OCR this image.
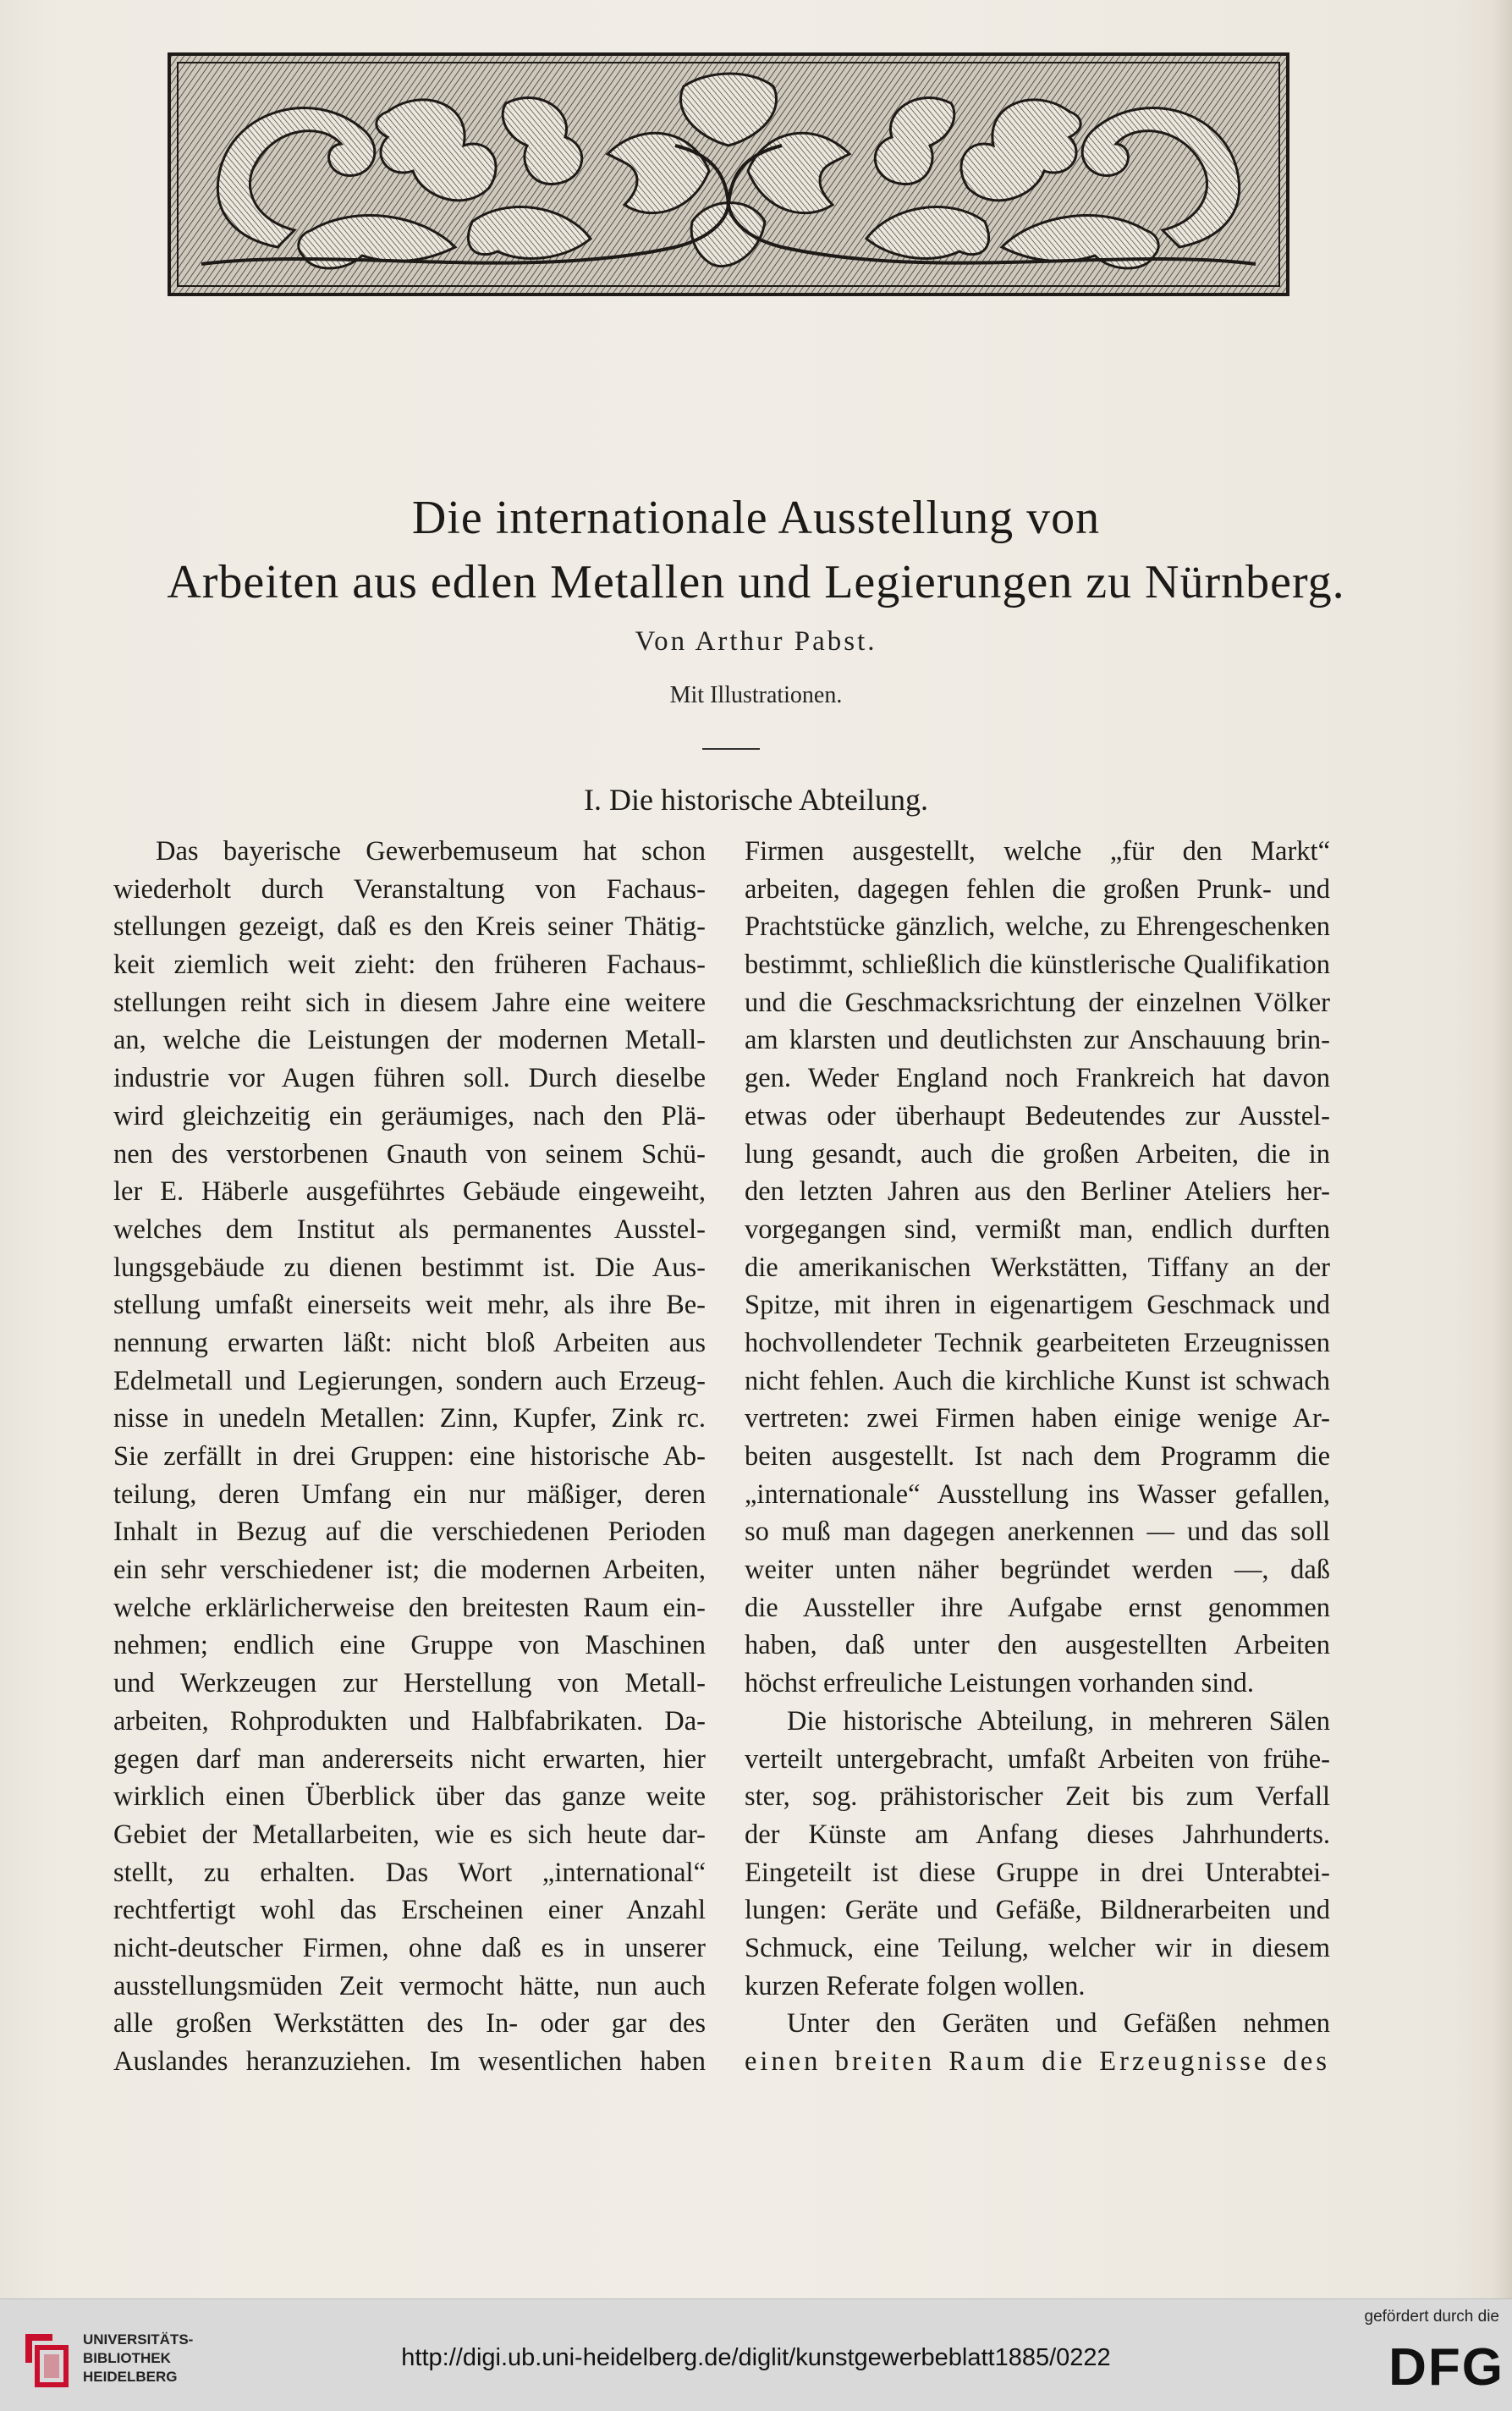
Die internationale Ausstellung von
Arbeiten aus edlen Metallen und Legierungen zu Nürnberg.
Von Arthur Pabst.
Mit Illustrationen.
I. Die historische Abteilung.
Das bayerische Gewerbemuseum hat schon
wiederholt durch Veranstaltung von Fachaus-
stellungen gezeigt, daß es den Kreis seiner Thätig-
keit ziemlich weit zieht: den früheren Fachaus-
stellungen reiht sich in diesem Jahre eine weitere
an, welche die Leistungen der modernen Metall-
industrie vor Augen führen soll. Durch dieselbe
wird gleichzeitig ein geräumiges, nach den Plä-
nen des verstorbenen Gnauth von seinem Schü-
ler E. Häberle ausgeführtes Gebäude eingeweiht,
welches dem Institut als permanentes Ausstel-
lungsgebäude zu dienen bestimmt ist. Die Aus-
stellung umfaßt einerseits weit mehr, als ihre Be-
nennung erwarten läßt: nicht bloß Arbeiten aus
Edelmetall und Legierungen, sondern auch Erzeug-
nisse in unedeln Metallen: Zinn, Kupfer, Zink rc.
Sie zerfällt in drei Gruppen: eine historische Ab-
teilung, deren Umfang ein nur mäßiger, deren
Inhalt in Bezug auf die verschiedenen Perioden
ein sehr verschiedener ist; die modernen Arbeiten,
welche erklärlicherweise den breitesten Raum ein-
nehmen; endlich eine Gruppe von Maschinen
und Werkzeugen zur Herstellung von Metall-
arbeiten, Rohprodukten und Halbfabrikaten. Da-
gegen darf man andererseits nicht erwarten, hier
wirklich einen Überblick über das ganze weite
Gebiet der Metallarbeiten, wie es sich heute dar-
stellt, zu erhalten. Das Wort „international“
rechtfertigt wohl das Erscheinen einer Anzahl
nicht-deutscher Firmen, ohne daß es in unserer
ausstellungsmüden Zeit vermocht hätte, nun auch
alle großen Werkstätten des In- oder gar des
Auslandes heranzuziehen. Im wesentlichen haben
Firmen ausgestellt, welche „für den Markt“
arbeiten, dagegen fehlen die großen Prunk- und
Prachtstücke gänzlich, welche, zu Ehrengeschenken
bestimmt, schließlich die künstlerische Qualifikation
und die Geschmacksrichtung der einzelnen Völker
am klarsten und deutlichsten zur Anschauung brin-
gen. Weder England noch Frankreich hat davon
etwas oder überhaupt Bedeutendes zur Ausstel-
lung gesandt, auch die großen Arbeiten, die in
den letzten Jahren aus den Berliner Ateliers her-
vorgegangen sind, vermißt man, endlich durften
die amerikanischen Werkstätten, Tiffany an der
Spitze, mit ihren in eigenartigem Geschmack und
hochvollendeter Technik gearbeiteten Erzeugnissen
nicht fehlen. Auch die kirchliche Kunst ist schwach
vertreten: zwei Firmen haben einige wenige Ar-
beiten ausgestellt. Ist nach dem Programm die
„internationale“ Ausstellung ins Wasser gefallen,
so muß man dagegen anerkennen — und das soll
weiter unten näher begründet werden —, daß
die Aussteller ihre Aufgabe ernst genommen
haben, daß unter den ausgestellten Arbeiten
höchst erfreuliche Leistungen vorhanden sind.
Die historische Abteilung, in mehreren Sälen
verteilt untergebracht, umfaßt Arbeiten von frühe-
ster, sog. prähistorischer Zeit bis zum Verfall
der Künste am Anfang dieses Jahrhunderts.
Eingeteilt ist diese Gruppe in drei Unterabtei-
lungen: Geräte und Gefäße, Bildnerarbeiten und
Schmuck, eine Teilung, welcher wir in diesem
kurzen Referate folgen wollen.
Unter den Geräten und Gefäßen nehmen
einen breiten Raum die Erzeugnisse des
UNIVERSITÄTS-
BIBLIOTHEK
HEIDELBERG
http://digi.ub.uni-heidelberg.de/diglit/kunstgewerbeblatt1885/0222
gefördert durch die
DFG
